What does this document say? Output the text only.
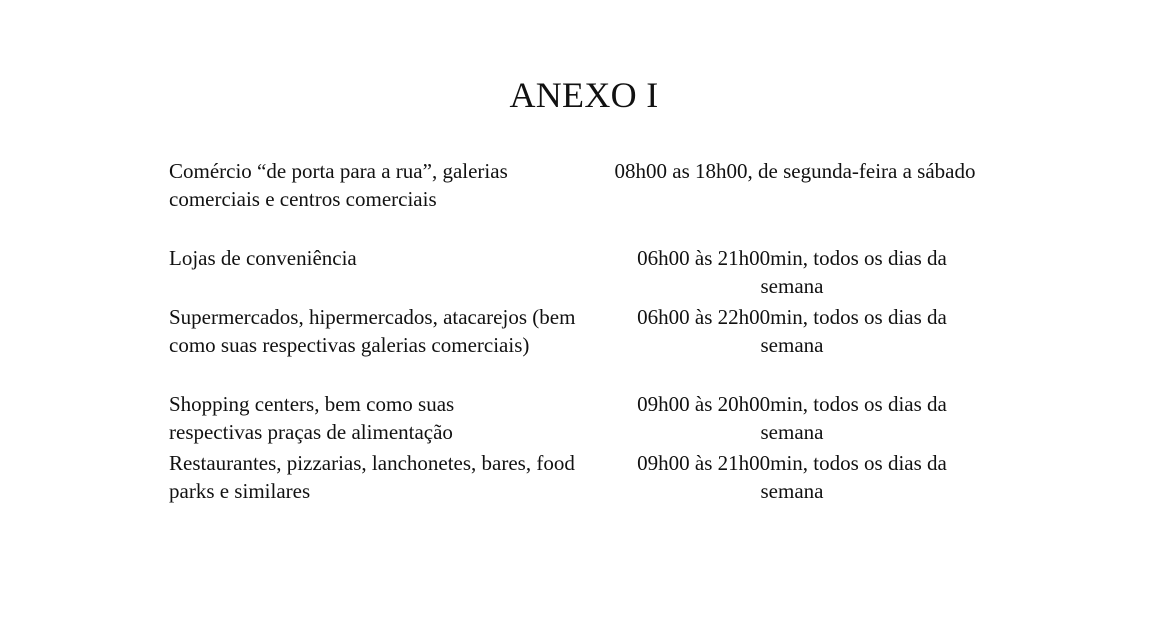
ANEXO I

Comércio “de porta para a rua”, galerias comerciais e centros comerciais

08h00 as 18h00, de segunda-feira a sábado

Lojas de conveniência	06h00 às 21h00min, todos os dias da semana

Supermercados, hipermercados, atacarejos (bem como suas respectivas galerias comerciais)

06h00 às 22h00min, todos os dias da semana

Shopping centers, bem como suas respectivas praças de alimentação

09h00 às 20h00min, todos os dias da semana

Restaurantes, pizzarias, lanchonetes, bares, food parks e similares

09h00 às 21h00min, todos os dias da semana
